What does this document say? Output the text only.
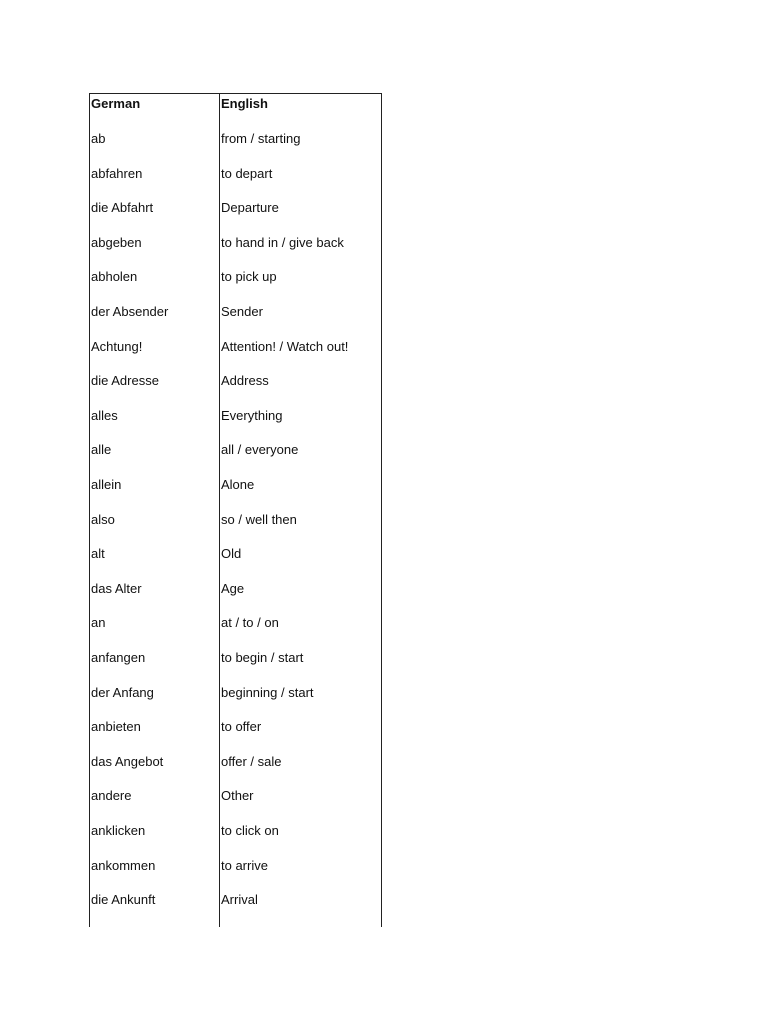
German	English
ab	from / starting
abfahren	to depart
die Abfahrt	Departure
abgeben	to hand in / give back
abholen	to pick up
der Absender	Sender
Achtung!	Attention! / Watch out!
die Adresse	Address
alles	Everything
alle	all / everyone
allein	Alone
also	so / well then
alt	Old
das Alter	Age
an	at / to / on
anfangen	to begin / start
der Anfang	beginning / start
anbieten	to offer
das Angebot	offer / sale
andere	Other
anklicken	to click on
ankommen	to arrive
die Ankunft	Arrival
